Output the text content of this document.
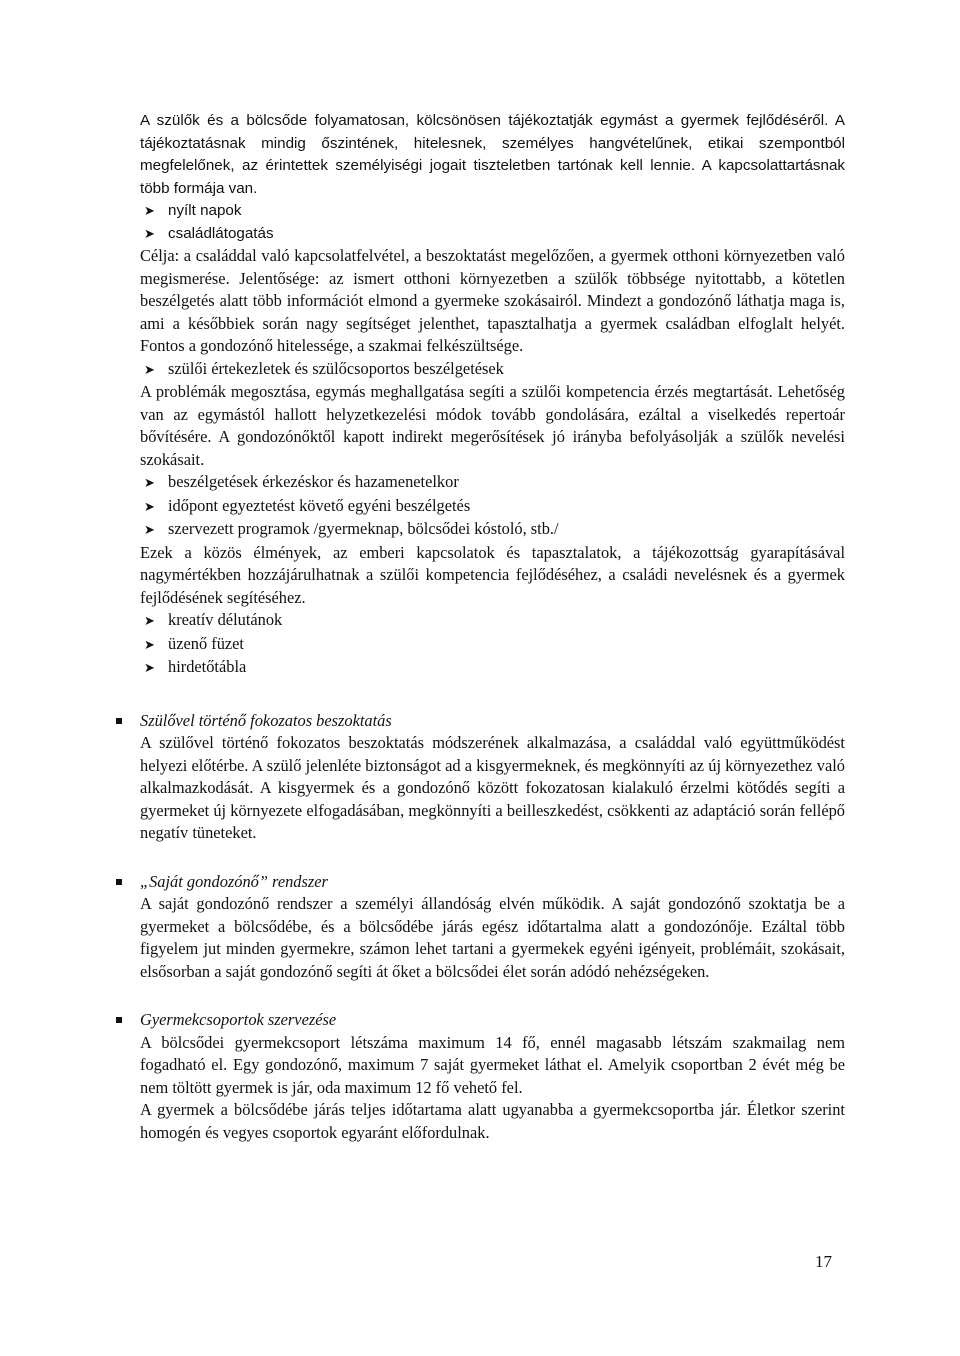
A szülők és a bölcsőde folyamatosan, kölcsönösen tájékoztatják egymást a gyermek fejlődéséről. A tájékoztatásnak mindig őszintének, hitelesnek, személyes hangvételűnek, etikai szempontból megfelelőnek, az érintettek személyiségi jogait tiszteletben tartónak kell lennie. A kapcsolattartásnak több formája van.

➤ nyílt napok
➤ családlátogatás

Célja: a családdal való kapcsolatfelvétel, a beszoktatást megelőzően, a gyermek otthoni környezetben való megismerése. Jelentősége: az ismert otthoni környezetben a szülők többsége nyitottabb, a kötetlen beszélgetés alatt több információt elmond a gyermeke szokásairól. Mindezt a gondozónő láthatja maga is, ami a későbbiek során nagy segítséget jelenthet, tapasztalhatja a gyermek családban elfoglalt helyét. Fontos a gondozónő hitelessége, a szakmai felkészültsége.

➤ szülői értekezletek és szülőcsoportos beszélgetések

A problémák megosztása, egymás meghallgatása segíti a szülői kompetencia érzés megtartását. Lehetőség van az egymástól hallott helyzetkezelési módok tovább gondolására, ezáltal a viselkedés repertoár bővítésére. A gondozónőktől kapott indirekt megerősítések jó irányba befolyásolják a szülők nevelési szokásait.

➤ beszélgetések érkezéskor és hazamenetelkor
➤ időpont egyeztetést követő egyéni beszélgetés
➤ szervezett programok /gyermeknap, bölcsődei kóstoló, stb./

Ezek a közös élmények, az emberi kapcsolatok és tapasztalatok, a tájékozottság gyarapításával nagymértékben hozzájárulhatnak a szülői kompetencia fejlődéséhez, a családi nevelésnek és a gyermek fejlődésének segítéséhez.

➤ kreatív délutánok
➤ üzenő füzet
➤ hirdetőtábla
Szülővel történő fokozatos beszoktatás

A szülővel történő fokozatos beszoktatás módszerének alkalmazása, a családdal való együttműködést helyezi előtérbe. A szülő jelenléte biztonságot ad a kisgyermeknek, és megkönnyíti az új környezethez való alkalmazkodását. A kisgyermek és a gondozónő között fokozatosan kialakuló érzelmi kötődés segíti a gyermeket új környezete elfogadásában, megkönnyíti a beilleszkedést, csökkenti az adaptáció során fellépő negatív tüneteket.

„Saját gondozónő” rendszer

A saját gondozónő rendszer a személyi állandóság elvén működik. A saját gondozónő szoktatja be a gyermeket a bölcsődébe, és a bölcsődébe járás egész időtartalma alatt a gondozónője. Ezáltal több figyelem jut minden gyermekre, számon lehet tartani a gyermekek egyéni igényeit, problémáit, szokásait, elsősorban a saját gondozónő segíti át őket a bölcsődei élet során adódó nehézségeken.

Gyermekcsoportok szervezése

A bölcsődei gyermekcsoport létszáma maximum 14 fő, ennél magasabb létszám szakmailag nem fogadható el. Egy gondozónő, maximum 7 saját gyermeket láthat el. Amelyik csoportban 2 évét még be nem töltött gyermek is jár, oda maximum 12 fő vehető fel.

A gyermek a bölcsődébe járás teljes időtartama alatt ugyanabba a gyermekcsoportba jár. Életkor szerint homogén és vegyes csoportok egyaránt előfordulnak.

17
